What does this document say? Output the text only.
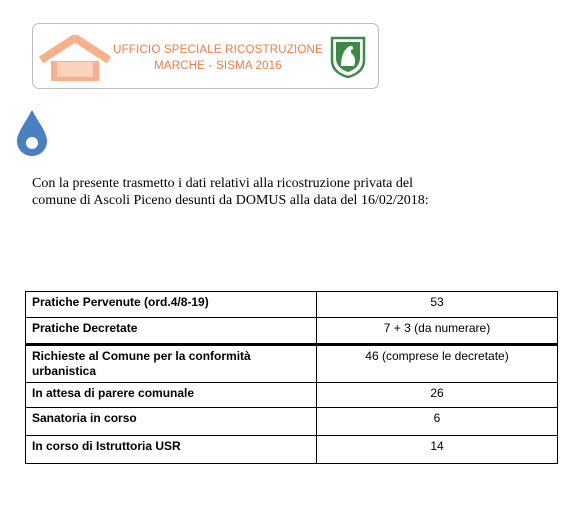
UFFICIO SPECIALE RICOSTRUZIONE
MARCHE - SISMA 2016
Con la presente trasmetto i dati relativi alla ricostruzione privata del
comune di Ascoli Piceno desunti da DOMUS alla data del 16/02/2018:
Pratiche Pervenute (ord.4/8-19)	53
Pratiche Decretate	7 + 3 (da numerare)
Richieste al Comune per la conformità urbanistica	46 (comprese le decretate)
In attesa di parere comunale	26
Sanatoria in corso	6
In corso di Istruttoria USR	14
